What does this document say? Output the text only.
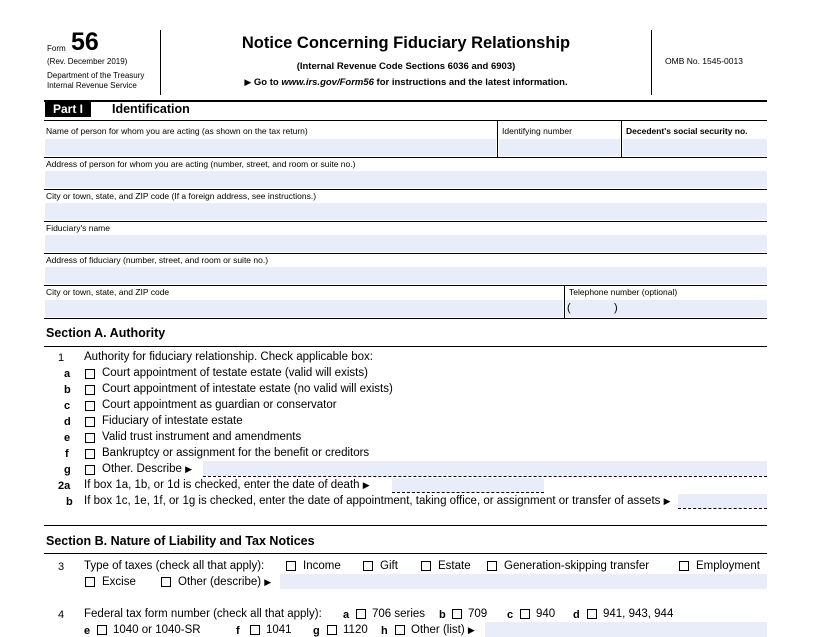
Form 56
(Rev. December 2019)
Department of the Treasury
Internal Revenue Service
Notice Concerning Fiduciary Relationship
(Internal Revenue Code Sections 6036 and 6903)
▶ Go to www.irs.gov/Form56 for instructions and the latest information.
OMB No. 1545-0013
Part I	Identification
Name of person for whom you are acting (as shown on the tax return)	Identifying number	Decedent's social security no.
Address of person for whom you are acting (number, street, and room or suite no.)
City or town, state, and ZIP code (If a foreign address, see instructions.)
Fiduciary's name
Address of fiduciary (number, street, and room or suite no.)
City or town, state, and ZIP code	Telephone number (optional)
(	)
Section A. Authority
1 Authority for fiduciary relationship. Check applicable box:
a	Court appointment of testate estate (valid will exists)
b	Court appointment of intestate estate (no valid will exists)
c	Court appointment as guardian or conservator
d	Fiduciary of intestate estate
e	Valid trust instrument and amendments
f	Bankruptcy or assignment for the benefit or creditors
g	Other. Describe ▶
2a If box 1a, 1b, or 1d is checked, enter the date of death ▶
b If box 1c, 1e, 1f, or 1g is checked, enter the date of appointment, taking office, or assignment or transfer of assets ▶
Section B. Nature of Liability and Tax Notices
3 Type of taxes (check all that apply):	Income	Gift	Estate	Generation-skipping transfer	Employment
Excise	Other (describe) ▶
4 Federal tax form number (check all that apply): a 706 series b 709 c 940 d 941, 943, 944
e 1040 or 1040-SR	f 1041 g 1120 h Other (list) ▶
